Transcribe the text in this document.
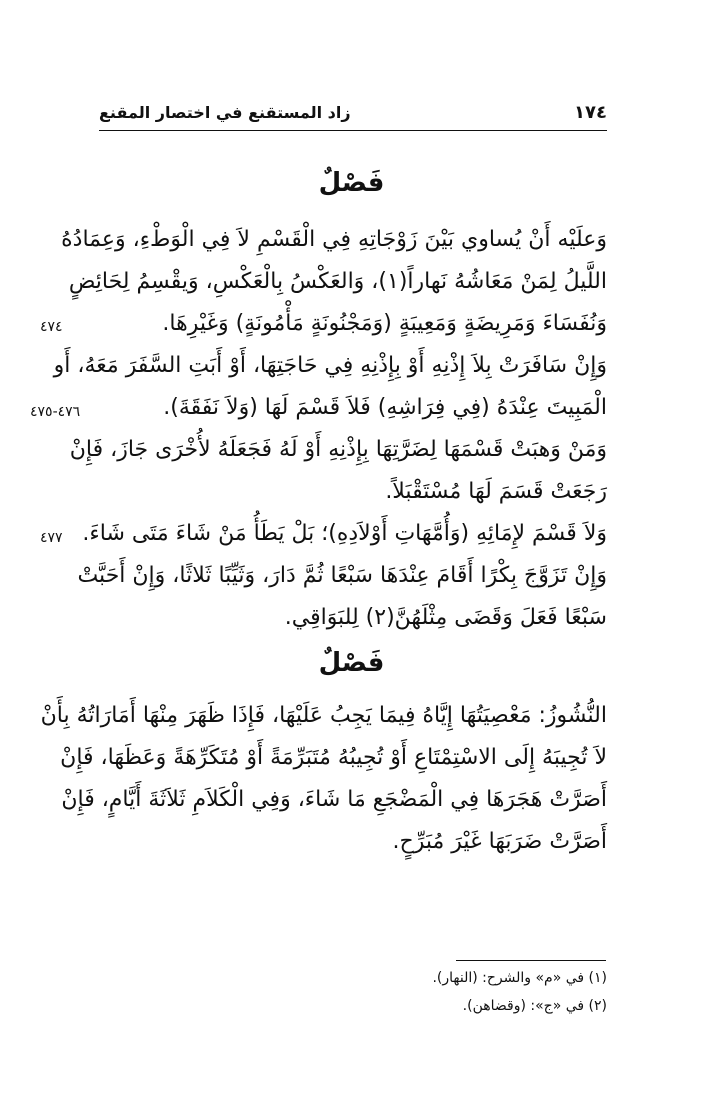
١٧٤
زاد المستقنع في اختصار المقنع
فَصْلٌ
وَعلَيْه أَنْ يُساوي بَيْنَ زَوْجَاتِهِ فِي الْقَسْمِ لاَ فِي الْوَطْءِ، وَعِمَادُهُ
اللَّيلُ لِمَنْ مَعَاشُهُ نَهاراً(١)، وَالعَكْسُ بِالْعَكْسِ، وَيقْسِمُ لِحَائِضٍ
وَنُفَسَاءَ وَمَرِيضَةٍ وَمَعِيبَةٍ (وَمَجْنُونَةٍ مَأْمُونَةٍ) وَغَيْرِهَا.
وَإِنْ سَافَرَتْ بِلاَ إِذْنِهِ أَوْ بِإِذْنِهِ فِي حَاجَتِهَا، أَوْ أَبَتِ السَّفَرَ مَعَهُ، أَو
الْمَبِيتَ عِنْدَهُ (فِي فِرَاشِهِ) فَلاَ قَسْمَ لَهَا (وَلاَ نَفَقَةَ).
وَمَنْ وَهبَتْ قَسْمَهَا لِضَرَّتِهَا بِإِذْنِهِ أَوْ لَهُ فَجَعَلَهُ لأُخْرَى جَازَ، فَإِنْ
رَجَعَتْ قَسَمَ لَهَا مُسْتَقْبَلاً.
وَلاَ قَسْمَ لإِمَائِهِ (وَأُمَّهَاتِ أَوْلاَدِهِ)؛ بَلْ يَطَأُ مَنْ شَاءَ مَتَى شَاءَ.
وَإِنْ تَزَوَّجَ بِكْرًا أَقَامَ عِنْدَهَا سَبْعًا ثُمَّ دَارَ، وَثَيِّبًا ثَلاثًا، وَإِنْ أَحَبَّتْ
سَبْعًا فَعَلَ وَقَضَى مِثْلَهُنَّ(٢) لِلبَوَاقِي.
فَصْلٌ
النُّشُوزُ: مَعْصِيَتُهَا إِيَّاهُ فِيمَا يَجِبُ عَلَيْهَا، فَإِذَا ظَهَرَ مِنْهَا أَمَارَاتُهُ بِأَنْ
لاَ تُجِيبَهُ إِلَى الاسْتِمْتَاعِ أَوْ تُجِيبُهُ مُتَبَرِّمَةً أَوْ مُتَكَرِّهَةً وَعَظَهَا، فَإِنْ
أَصَرَّتْ هَجَرَهَا فِي الْمَضْجَعِ مَا شَاءَ، وَفِي الْكَلاَمِ ثَلاَثَةَ أَيَّامٍ، فَإِنْ
أَصَرَّتْ ضَرَبَهَا غَيْرَ مُبَرِّحٍ.
٤٧٤
٤٧٦-٤٧٥
٤٧٧
(١) في «م» والشرح: (النهار).
(٢) في «ج»: (وقضاهن).
